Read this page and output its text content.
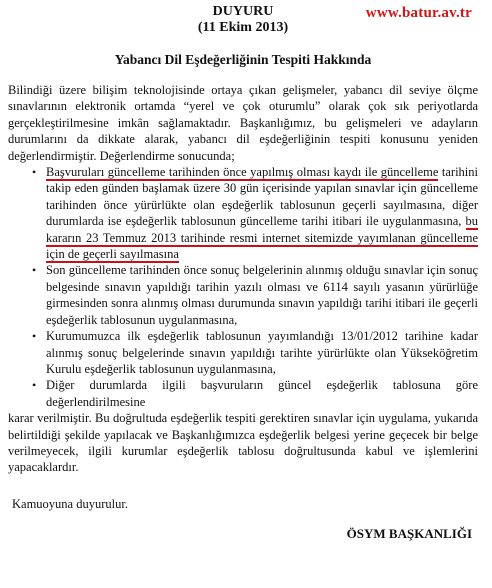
DUYURU
(11 Ekim 2013)
www.batur.av.tr
Yabancı Dil Eşdeğerliğinin Tespiti Hakkında

Bilindiği üzere bilişim teknolojisinde ortaya çıkan gelişmeler, yabancı dil seviye ölçme sınavlarının elektronik ortamda “yerel ve çok oturumlu” olarak çok sık periyotlarda gerçekleştirilmesine imkân sağlamaktadır. Başkanlığımız, bu gelişmeleri ve adayların durumlarını da dikkate alarak, yabancı dil eşdeğerliğinin tespiti konusunu yeniden değerlendirmiştir. Değerlendirme sonucunda;

• Başvuruları güncelleme tarihinden önce yapılmış olması kaydı ile güncelleme tarihini takip eden günden başlamak üzere 30 gün içerisinde yapılan sınavlar için güncelleme tarihinden önce yürürlükte olan eşdeğerlik tablosunun geçerli sayılmasına, diğer durumlarda ise eşdeğerlik tablosunun güncelleme tarihi itibari ile uygulanmasına, bu kararın 23 Temmuz 2013 tarihinde resmi internet sitemizde yayımlanan güncelleme için de geçerli sayılmasına
• Son güncelleme tarihinden önce sonuç belgelerinin alınmış olduğu sınavlar için sonuç belgesinde sınavın yapıldığı tarihin yazılı olması ve 6114 sayılı yasanın yürürlüğe girmesinden sonra alınmış olması durumunda sınavın yapıldığı tarihi itibari ile geçerli eşdeğerlik tablosunun uygulanmasına,
• Kurumumuzca ilk eşdeğerlik tablosunun yayımlandığı 13/01/2012 tarihine kadar alınmış sonuç belgelerinde sınavın yapıldığı tarihte yürürlükte olan Yükseköğretim Kurulu eşdeğerlik tablosunun uygulanmasına,
• Diğer durumlarda ilgili başvuruların güncel eşdeğerlik tablosuna göre değerlendirilmesine

karar verilmiştir. Bu doğrultuda eşdeğerlik tespiti gerektiren sınavlar için uygulama, yukarıda belirtildiği şekilde yapılacak ve Başkanlığımızca eşdeğerlik belgesi yerine geçecek bir belge verilmeyecek, ilgili kurumlar eşdeğerlik tablosu doğrultusunda kabul ve işlemlerini yapacaklardır.

Kamuoyuna duyurulur.
ÖSYM BAŞKANLIĞI
